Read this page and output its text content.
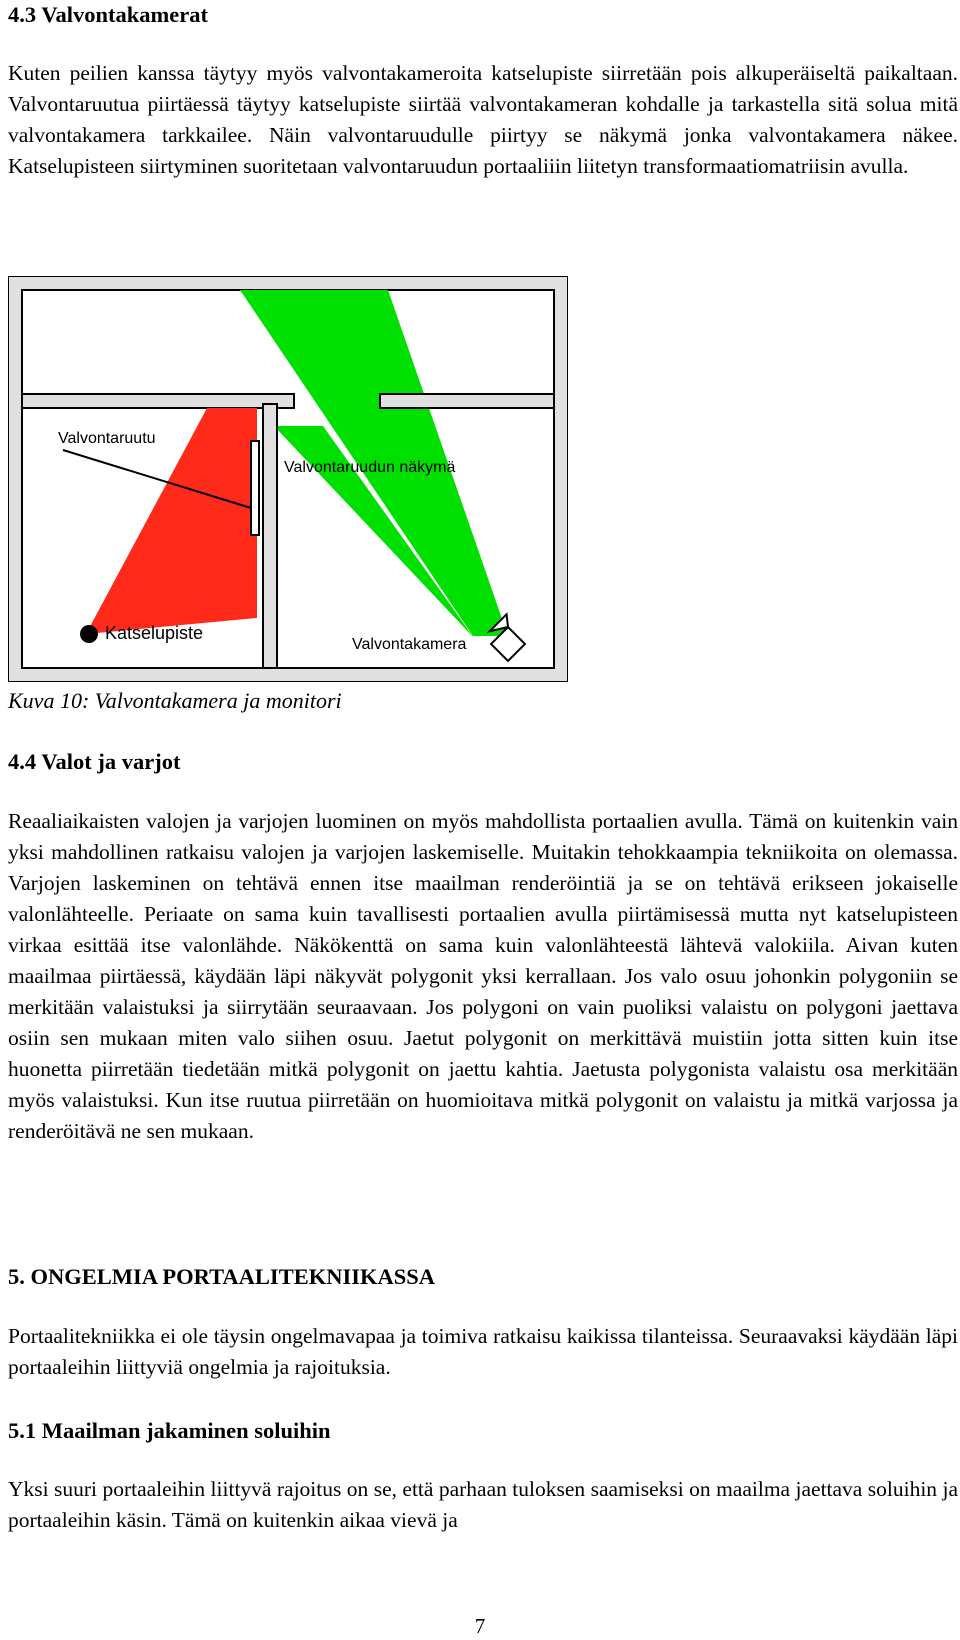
4.3 Valvontakamerat

Kuten peilien kanssa täytyy myös valvontakameroita katselupiste siirretään pois alkuperäiseltä paikaltaan. Valvontaruutua piirtäessä täytyy katselupiste siirtää valvontakameran kohdalle ja tarkastella sitä solua mitä valvontakamera tarkkailee. Näin valvontaruudulle piirtyy se näkymä jonka valvontakamera näkee. Katselupisteen siirtyminen suoritetaan valvontaruudun portaaliiin liitetyn transformaatiomatriisin avulla.

Valvontaruutu
Valvontaruudun näkymä
Katselupiste
Valvontakamera
Kuva 10: Valvontakamera ja monitori
4.4 Valot ja varjot

Reaaliaikaisten valojen ja varjojen luominen on myös mahdollista portaalien avulla. Tämä on kuitenkin vain yksi mahdollinen ratkaisu valojen ja varjojen laskemiselle. Muitakin tehokkaampia tekniikoita on olemassa. Varjojen laskeminen on tehtävä ennen itse maailman renderöintiä ja se on tehtävä erikseen jokaiselle valonlähteelle. Periaate on sama kuin tavallisesti portaalien avulla piirtämisessä mutta nyt katselupisteen virkaa esittää itse valonlähde. Näkökenttä on sama kuin valonlähteestä lähtevä valokiila. Aivan kuten maailmaa piirtäessä, käydään läpi näkyvät polygonit yksi kerrallaan. Jos valo osuu johonkin polygoniin se merkitään valaistuksi ja siirrytään seuraavaan. Jos polygoni on vain puoliksi valaistu on polygoni jaettava osiin sen mukaan miten valo siihen osuu. Jaetut polygonit on merkittävä muistiin jotta sitten kuin itse huonetta piirretään tiedetään mitkä polygonit on jaettu kahtia. Jaetusta polygonista valaistu osa merkitään myös valaistuksi. Kun itse ruutua piirretään on huomioitava mitkä polygonit on valaistu ja mitkä varjossa ja renderöitävä ne sen mukaan.

5. ONGELMIA PORTAALITEKNIIKASSA

Portaalitekniikka ei ole täysin ongelmavapaa ja toimiva ratkaisu kaikissa tilanteissa. Seuraavaksi käydään läpi portaaleihin liittyviä ongelmia ja rajoituksia.

5.1 Maailman jakaminen soluihin

Yksi suuri portaaleihin liittyvä rajoitus on se, että parhaan tuloksen saamiseksi on maailma jaettava soluihin ja portaaleihin käsin. Tämä on kuitenkin aikaa vievä ja

7
